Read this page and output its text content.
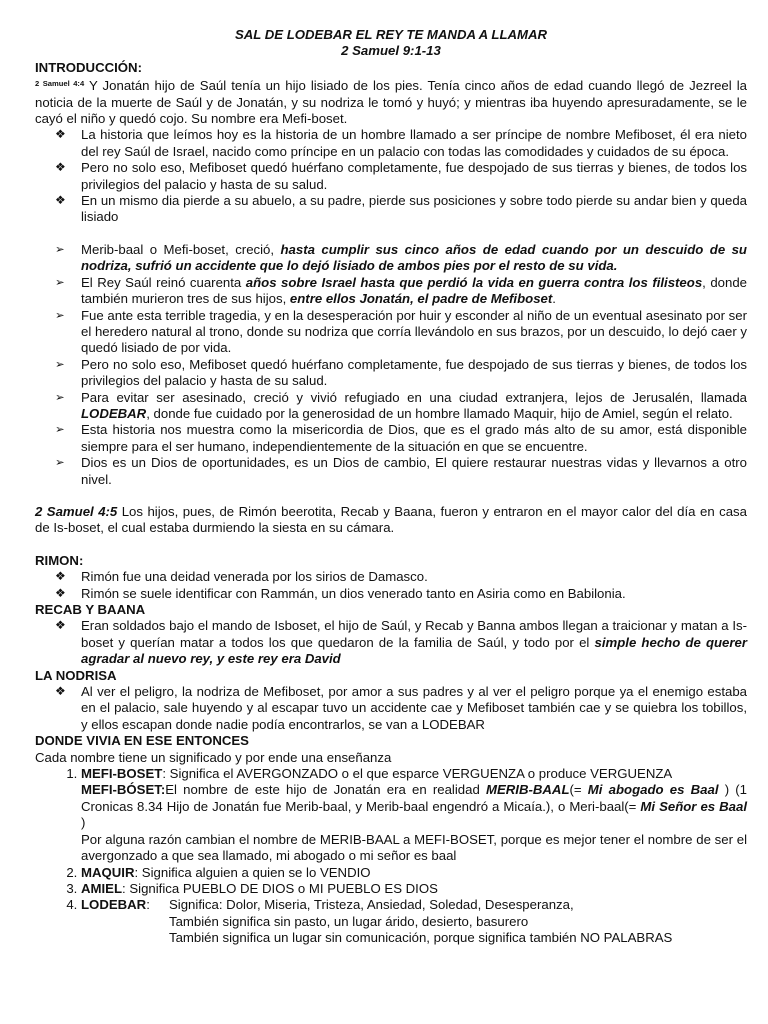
SAL DE LODEBAR EL REY TE MANDA A LLAMAR

2 Samuel 9:1-13

INTRODUCCIÓN:

$^{2 Samuel 4:4}$ Y Jonatán hijo de Saúl tenía un hijo lisiado de los pies. Tenía cinco años de edad cuando llegó de Jezreel la noticia de la muerte de Saúl y de Jonatán, y su nodriza le tomó y huyó; y mientras iba huyendo apresuradamente, se le cayó el niño y quedó cojo. Su nombre era Mefi-boset.

❖ La historia que leímos hoy es la historia de un hombre llamado a ser príncipe de nombre Mefiboset, él era nieto del rey Saúl de Israel, nacido como príncipe en un palacio con todas las comodidades y cuidados de su época.
❖ Pero no solo eso, Mefiboset quedó huérfano completamente, fue despojado de sus tierras y bienes, de todos los privilegios del palacio y hasta de su salud.
❖ En un mismo dia pierde a su abuelo, a su padre, pierde sus posiciones y sobre todo pierde su andar bien y queda lisiado
➢ Merib-baal o Mefi-boset, creció, hasta cumplir sus cinco años de edad cuando por un descuido de su nodriza, sufrió un accidente que lo dejó lisiado de ambos pies por el resto de su vida.
➢ El Rey Saúl reinó cuarenta años sobre Israel hasta que perdió la vida en guerra contra los filisteos, donde también murieron tres de sus hijos, entre ellos Jonatán, el padre de Mefiboset.
➢ Fue ante esta terrible tragedia, y en la desesperación por huir y esconder al niño de un eventual asesinato por ser el heredero natural al trono, donde su nodriza que corría llevándolo en sus brazos, por un descuido, lo dejó caer y quedó lisiado de por vida.
➢ Pero no solo eso, Mefiboset quedó huérfano completamente, fue despojado de sus tierras y bienes, de todos los privilegios del palacio y hasta de su salud.
➢ Para evitar ser asesinado, creció y vivió refugiado en una ciudad extranjera, lejos de Jerusalén, llamada LODEBAR, donde fue cuidado por la generosidad de un hombre llamado Maquir, hijo de Amiel, según el relato.
➢ Esta historia nos muestra como la misericordia de Dios, que es el grado más alto de su amor, está disponible siempre para el ser humano, independientemente de la situación en que se encuentre.
➢ Dios es un Dios de oportunidades, es un Dios de cambio, El quiere restaurar nuestras vidas y llevarnos a otro nivel.

2 Samuel 4:5 Los hijos, pues, de Rimón beerotita, Recab y Baana, fueron y entraron en el mayor calor del día en casa de Is-boset, el cual estaba durmiendo la siesta en su cámara.

RIMON:

❖ Rimón fue una deidad venerada por los sirios de Damasco.
❖ Rimón se suele identificar con Rammán, un dios venerado tanto en Asiria como en Babilonia.

RECAB Y BAANA

❖ Eran soldados bajo el mando de Isboset, el hijo de Saúl, y Recab y Banna ambos llegan a traicionar y matan a Is-boset y querían matar a todos los que quedaron de la familia de Saúl, y todo por el simple hecho de querer agradar al nuevo rey, y este rey era David

LA NODRISA

❖ Al ver el peligro, la nodriza de Mefiboset, por amor a sus padres y al ver el peligro porque ya el enemigo estaba en el palacio, sale huyendo y al escapar tuvo un accidente cae y Mefiboset también cae y se quiebra los tobillos, y ellos escapan donde nadie podía encontrarlos, se van a LODEBAR

DONDE VIVIA EN ESE ENTONCES

Cada nombre tiene un significado y por ende una enseñanza

1. MEFI-BOSET: Significa el AVERGONZADO o el que esparce VERGUENZA o produce VERGUENZA
MEFI-BÓSET:El nombre de este hijo de Jonatán era en realidad MERIB-BAAL(= Mi abogado es Baal ) (1 Cronicas 8.34 Hijo de Jonatán fue Merib-baal, y Merib-baal engendró a Micaía.), o Meri-baal(= Mi Señor es Baal )
Por alguna razón cambian el nombre de MERIB-BAAL a MEFI-BOSET, porque es mejor tener el nombre de ser el avergonzado a que sea llamado, mi abogado o mi señor es baal
2. MAQUIR: Significa alguien a quien se lo VENDIO
3. AMIEL: Significa PUEBLO DE DIOS o MI PUEBLO ES DIOS
4. LODEBAR: Significa: Dolor, Miseria, Tristeza, Ansiedad, Soledad, Desesperanza,
También significa sin pasto, un lugar árido, desierto, basurero
También significa un lugar sin comunicación, porque significa también NO PALABRAS
